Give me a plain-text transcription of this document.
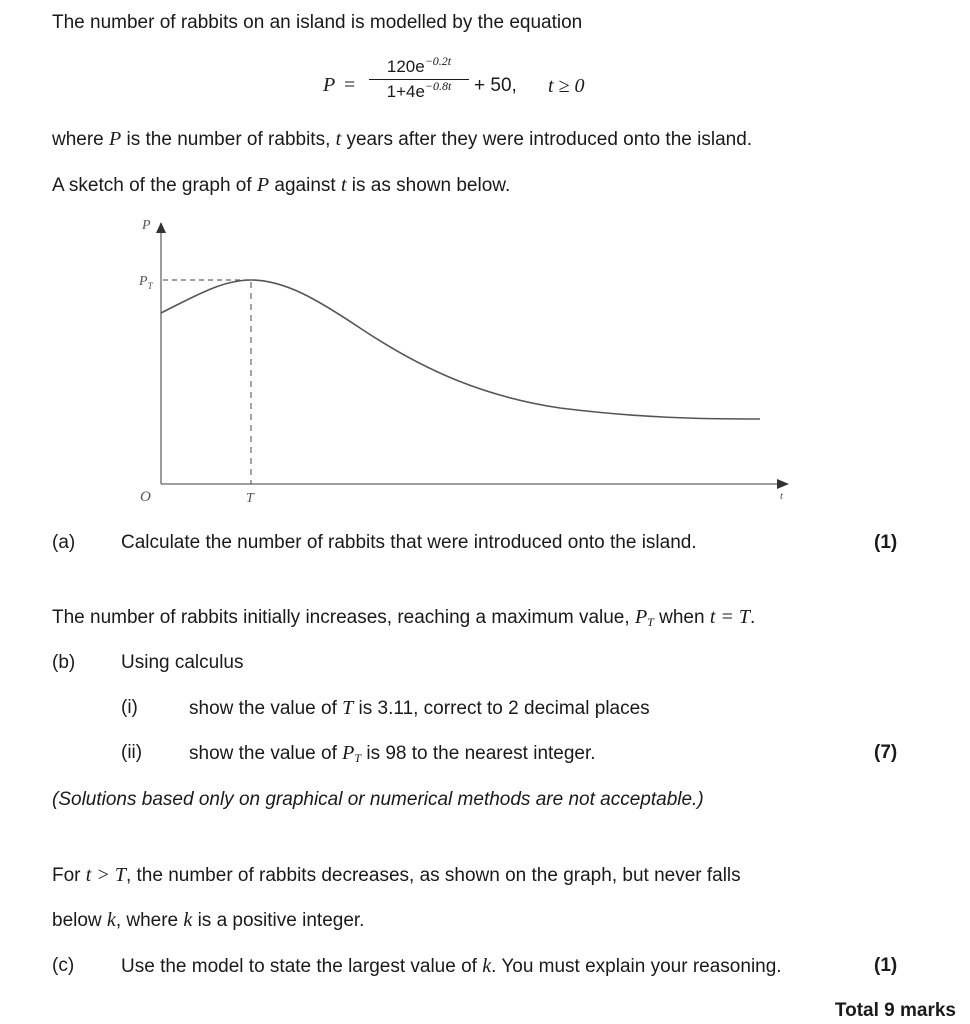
The number of rabbits on an island is modelled by the equation
P =
$120e^{-0.2t}$
$1+4e^{-0.8t}$	+ 50, t ≥ 0
where P is the number of rabbits, t years after they were introduced onto the island.
A sketch of the graph of P against t is as shown below.
P
$P_T$
O	T	t
(a) Calculate the number of rabbits that were introduced onto the island.	(1)
The number of rabbits initially increases, reaching a maximum value, $P_T$ when t = T.
(b) Using calculus
(i)	show the value of T is 3.11, correct to 2 decimal places
(ii) show the value of $P_T$ is 98 to the nearest integer.	(7)
(Solutions based only on graphical or numerical methods are not acceptable.)
For t > T, the number of rabbits decreases, as shown on the graph, but never falls
below k, where k is a positive integer.
(c) Use the model to state the largest value of k. You must explain your reasoning.	(1)
Total 9 marks
